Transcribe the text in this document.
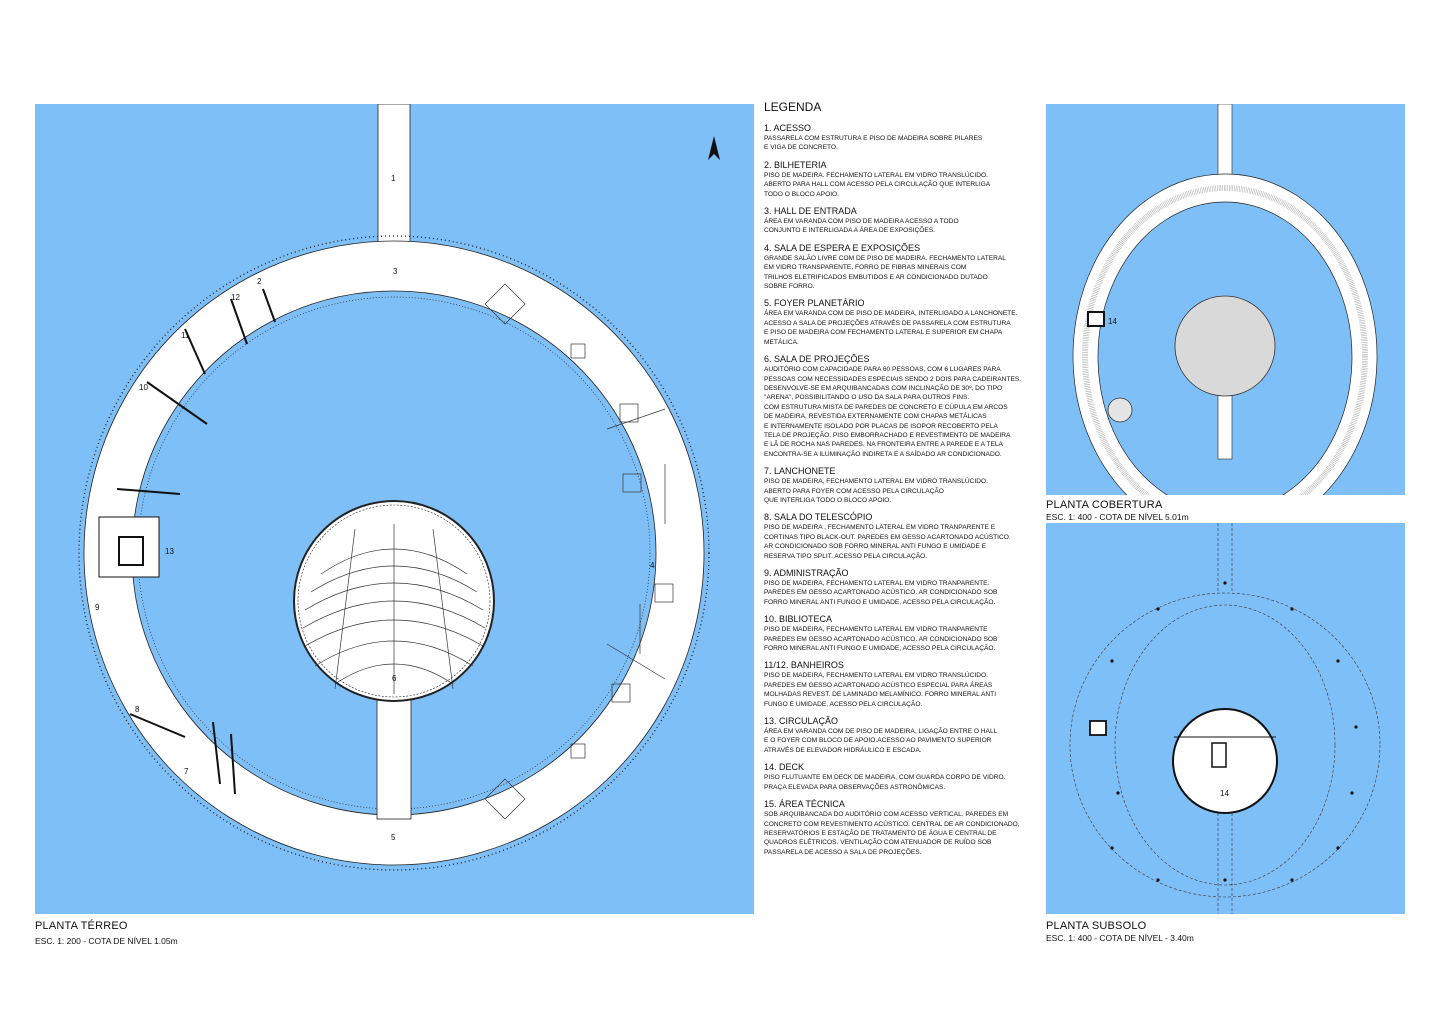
1
2
3
4
5
6
7
8
9
10
11
12
13
PLANTA TÉRREO
ESC. 1: 200 - COTA DE NÍVEL 1.05m
LEGENDA
1. ACESSO
PASSARELA COM ESTRUTURA E PISO DE MADEIRA SOBRE PILARES
E VIGA DE CONCRETO.
2. BILHETERIA
PISO DE MADEIRA. FECHAMENTO LATERAL EM VIDRO TRANSLÚCIDO.
ABERTO PARA HALL COM ACESSO PELA CIRCULAÇÃO QUE INTERLIGA
TODO O BLOCO APOIO.
3. HALL DE ENTRADA
ÁREA EM VARANDA COM PISO DE MADEIRA ACESSO A TODO
CONJUNTO E INTERLIGADA A ÁREA DE EXPOSIÇÕES.
4. SALA DE ESPERA E EXPOSIÇÕES
GRANDE SALÃO LIVRE COM DE PISO DE MADEIRA. FECHAMENTO LATERAL
EM VIDRO TRANSPARENTE, FORRO DE FIBRAS MINERAIS COM
TRILHOS ELETRIFICADOS EMBUTIDOS E AR CONDICIONADO DUTADO
SOBRE FORRO.
5. FOYER PLANETÁRIO
ÁREA EM VARANDA COM DE PISO DE MADEIRA, INTERLIGADO A LANCHONETE.
ACESSO A SALA DE PROJEÇÕES ATRAVÉS DE PASSARELA COM ESTRUTURA
E PISO DE MADEIRA COM FECHAMENTO LATERAL E SUPERIOR EM CHAPA
METÁLICA.
6. SALA DE PROJEÇÕES
AUDITÓRIO COM CAPACIDADE PARA 60 PESSOAS, COM 6 LUGARES PARA
PESSOAS COM NECESSIDADES ESPECIAIS SENDO 2 DOIS PARA CADEIRANTES.
DESENVOLVE-SE EM ARQUIBANCADAS COM INCLINAÇÃO DE 30º, DO TIPO
"ARENA", POSSIBILITANDO O USO DA SALA PARA OUTROS FINS.
COM ESTRUTURA MISTA DE PAREDES DE CONCRETO E CÚPULA EM ARCOS
DE MADEIRA, REVESTIDA EXTERNAMENTE COM CHAPAS METÁLICAS
E INTERNAMENTE ISOLADO POR PLACAS DE ISOPOR RECOBERTO PELA
TELA DE PROJEÇÃO. PISO EMBORRACHADO E REVESTIMENTO DE MADEIRA
E LÃ DE ROCHA NAS PAREDES. NA FRONTEIRA ENTRE A PAREDE E A TELA
ENCONTRA-SE A ILUMINAÇÃO INDIRETA E A SAÍDADO AR CONDICIONADO.
7. LANCHONETE
PISO DE MADEIRA, FECHAMENTO LATERAL EM VIDRO TRANSLÚCIDO.
ABERTO PARA FOYER COM ACESSO PELA CIRCULAÇÃO
QUE INTERLIGA TODO O BLOCO APOIO.
8. SALA DO TELESCÓPIO
PISO DE MADEIRA , FECHAMENTO LATERAL EM VIDRO TRANPARENTE E
CORTINAS TIPO BLACK-OUT. PAREDES EM GESSO ACARTONADO ACÚSTICO.
AR CONDICIONADO SOB FORRO MINERAL ANTI FUNGO E UMIDADE E
RESERVA TIPO SPLIT. ACESSO PELA CIRCULAÇÃO.
9. ADMINISTRAÇÃO
PISO DE MADEIRA, FECHAMENTO LATERAL EM VIDRO TRANPARENTE.
PAREDES EM GESSO ACARTONADO ACÚSTICO. AR CONDICIONADO SOB
FORRO MINERAL ANTI FUNGO E UMIDADE, ACESSO PELA CIRCULAÇÃO.
10. BIBLIOTECA
PISO DE MADEIRA, FECHAMENTO LATERAL EM VIDRO TRANPARENTE
PAREDES EM GESSO ACARTONADO ACÚSTICO. AR CONDICIONADO SOB
FORRO MINERAL ANTI FUNGO E UMIDADE, ACESSO PELA CIRCULAÇÃO.
11/12. BANHEIROS
PISO DE MADEIRA, FECHAMENTO LATERAL EM VIDRO TRANSLÚCIDO.
PAREDES EM GESSO ACARTONADO ACÚSTICO ESPECIAL PARA ÁREAS
MOLHADAS REVEST. DE LAMINADO MELAMÍNICO. FORRO MINERAL ANTI
FUNGO E UMIDADE, ACESSO PELA CIRCULAÇÃO.
13. CIRCULAÇÃO
ÁREA EM VARANDA COM DE PISO DE MADEIRA, LIGAÇÃO ENTRE O HALL
E O FOYER COM BLOCO DE APOIO.ACESSO AO PAVIMENTO SUPERIOR
ATRAVÉS DE ELEVADOR HIDRÁULICO E ESCADA.
14. DECK
PISO FLUTUANTE EM DECK DE MADEIRA, COM GUARDA CORPO DE VIDRO.
PRAÇA ELEVADA PARA OBSERVAÇÕES ASTRONÔMICAS.
15. ÁREA TÉCNICA
SOB ARQUIBANCADA DO AUDITÓRIO COM ACESSO VERTICAL. PAREDES EM
CONCRETO COM REVESTIMENTO ACÚSTICO. CENTRAL DE AR CONDICIONADO,
RESERVATÓRIOS E ESTAÇÃO DE TRATAMENTO DE ÁGUA E CENTRAL DE
QUADROS ELÉTRICOS. VENTILAÇÃO COM ATENUADOR DE RUÍDO SOB
PASSARELA DE ACESSO A SALA DE PROJEÇÕES.
14
PLANTA COBERTURA
ESC. 1: 400 - COTA DE NÍVEL 5.01m
14
PLANTA SUBSOLO
ESC. 1: 400 - COTA DE NÍVEL - 3.40m
